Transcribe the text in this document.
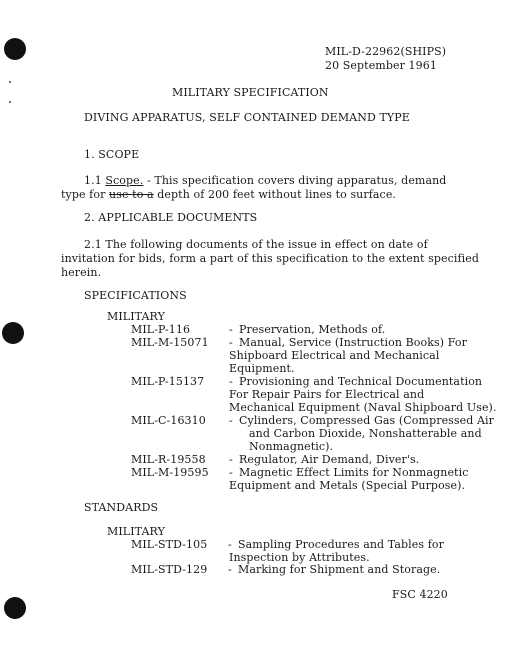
MIL-D-22962(SHIPS)
20 September 1961
MILITARY SPECIFICATION
DIVING APPARATUS, SELF CONTAINED DEMAND TYPE
1. SCOPE
1.1 Scope. - This specification covers diving apparatus, demand
type for use to a depth of 200 feet without lines to surface.
2. APPLICABLE DOCUMENTS
2.1 The following documents of the issue in effect on date of
invitation for bids, form a part of this specification to the extent specified
herein.
SPECIFICATIONS
MILITARY
MIL-P-116	Preservation, Methods of.
-
MIL-M-15071 - Manual, Service (Instruction Books) For
Shipboard Electrical and Mechanical
Equipment.
MIL-P-15137 - Provisioning and Technical Documentation
For Repair Pairs for Electrical and
Mechanical Equipment (Naval Shipboard Use).
MIL-C-16310 - Cylinders, Compressed Gas (Compressed Air
and Carbon Dioxide, Nonshatterable and
Nonmagnetic).
MIL-R-19558 - Regulator, Air Demand, Diver's.
MIL-M-19595 - Magnetic Effect Limits for Nonmagnetic
Equipment and Metals (Special Purpose).
STANDARDS
MILITARY
MIL-STD-105 - Sampling Procedures and Tables for
Inspection by Attributes.
MIL-STD-129 - Marking for Shipment and Storage.
FSC 4220
